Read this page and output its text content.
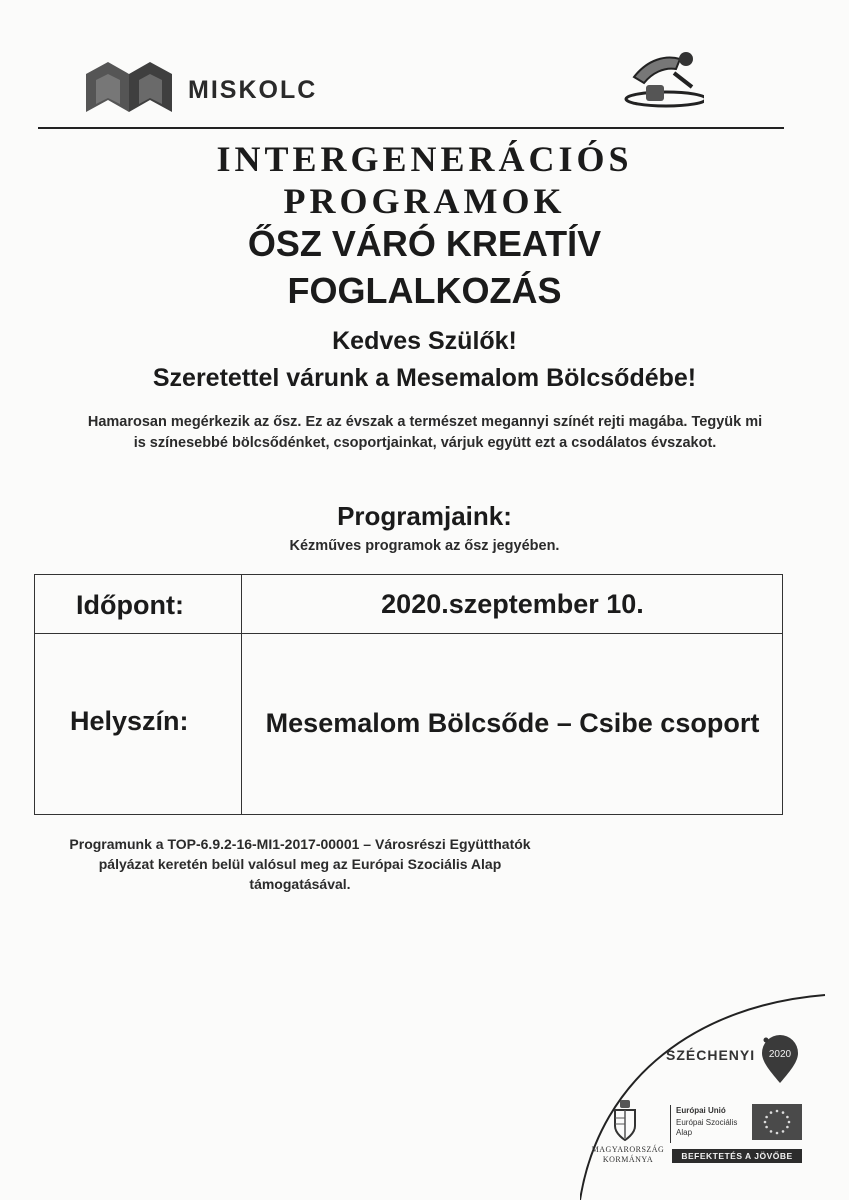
MISKOLC
INTERGENERÁCIÓS
PROGRAMOK
ŐSZ VÁRÓ KREATÍV
FOGLALKOZÁS
Kedves Szülők!
Szeretettel várunk a Mesemalom Bölcsődébe!
Hamarosan megérkezik az ősz. Ez az évszak a természet megannyi színét rejti magába. Tegyük mi is színesebbé bölcsődénket, csoportjainkat, várjuk együtt ezt a csodálatos évszakot.
Programjaink:
Kézműves programok az ősz jegyében.
Időpont:	2020.szeptember 10.
Helyszín:	Mesemalom Bölcsőde – Csibe csoport
Programunk a TOP-6.9.2-16-MI1-2017-00001 – Városrészi Együtthatók pályázat keretén belül valósul meg az Európai Szociális Alap támogatásával.
SZÉCHENYI 2020
MAGYARORSZÁG KORMÁNYA
Európai Unió
Európai Szociális Alap
BEFEKTETÉS A JÖVŐBE
